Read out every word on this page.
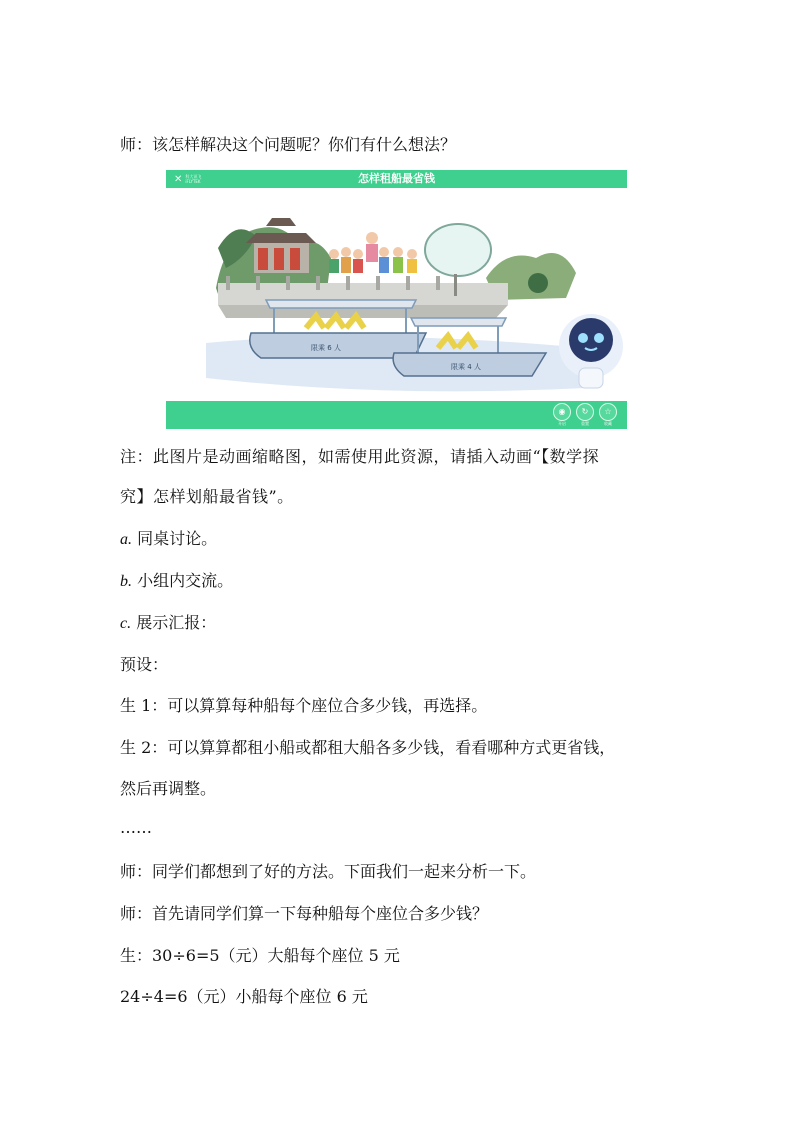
师：该怎样解决这个问题呢？你们有什么想法？
✕ 科大讯飞
iFLYTEK	怎样租船最省钱
限乘 6 人
限乘 4 人
◉
开启
↻
重置
☆
收藏
注：此图片是动画缩略图，如需使用此资源，请插入动画“【数学探
究】怎样划船最省钱”。
a. 同桌讨论。
b. 小组内交流。
c. 展示汇报：
预设：
生 1：可以算算每种船每个座位合多少钱，再选择。
生 2：可以算算都租小船或都租大船各多少钱，看看哪种方式更省钱，
然后再调整。
……
师：同学们都想到了好的方法。下面我们一起来分析一下。
师：首先请同学们算一下每种船每个座位合多少钱？
生：30÷6=5（元）大船每个座位 5 元
24÷4=6（元）小船每个座位 6 元
